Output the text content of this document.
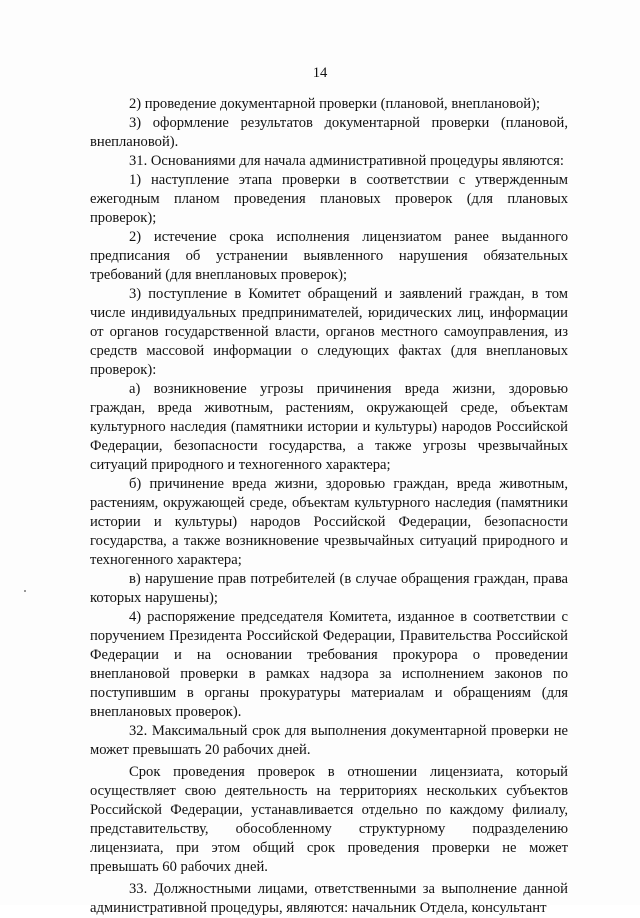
14

2) проведение документарной проверки (плановой, внеплановой);

3) оформление результатов документарной проверки (плановой, внеплановой).

31. Основаниями для начала административной процедуры являются:

1) наступление этапа проверки в соответствии с утвержденным ежегодным планом проведения плановых проверок (для плановых проверок);

2) истечение срока исполнения лицензиатом ранее выданного предписания об устранении выявленного нарушения обязательных требований (для внеплановых проверок);

3) поступление в Комитет обращений и заявлений граждан, в том числе индивидуальных предпринимателей, юридических лиц, информации от органов государственной власти, органов местного самоуправления, из средств массовой информации о следующих фактах (для внеплановых проверок):

а) возникновение угрозы причинения вреда жизни, здоровью граждан, вреда животным, растениям, окружающей среде, объектам культурного наследия (памятники истории и культуры) народов Российской Федерации, безопасности государства, а также угрозы чрезвычайных ситуаций природного и техногенного характера;

б) причинение вреда жизни, здоровью граждан, вреда животным, растениям, окружающей среде, объектам культурного наследия (памятники истории и культуры) народов Российской Федерации, безопасности государства, а также возникновение чрезвычайных ситуаций природного и техногенного характера;

в) нарушение прав потребителей (в случае обращения граждан, права которых нарушены);

4) распоряжение председателя Комитета, изданное в соответствии с поручением Президента Российской Федерации, Правительства Российской Федерации и на основании требования прокурора о проведении внеплановой проверки в рамках надзора за исполнением законов по поступившим в органы прокуратуры материалам и обращениям (для внеплановых проверок).

32. Максимальный срок для выполнения документарной проверки не может превышать 20 рабочих дней.

Срок проведения проверок в отношении лицензиата, который осуществляет свою деятельность на территориях нескольких субъектов Российской Федерации, устанавливается отдельно по каждому филиалу, представительству, обособленному структурному подразделению лицензиата, при этом общий срок проведения проверки не может превышать 60 рабочих дней.

33. Должностными лицами, ответственными за выполнение данной административной процедуры, являются: начальник Отдела, консультант
